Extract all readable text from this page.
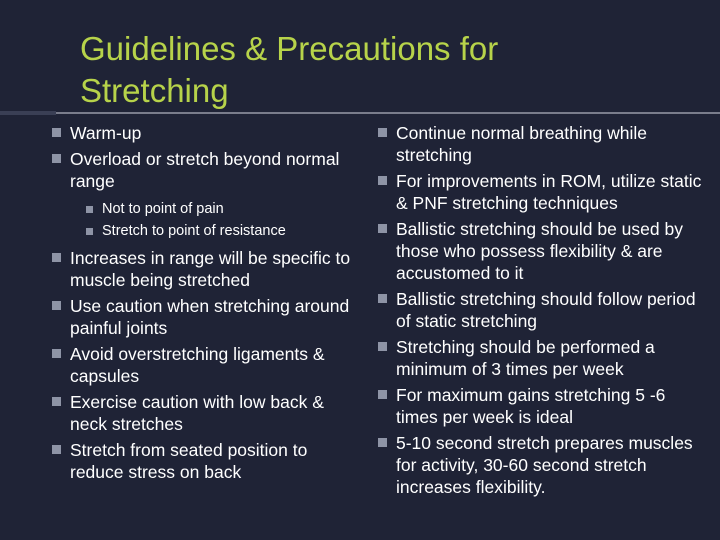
Guidelines & Precautions for
Stretching
Warm-up
Overload or stretch beyond normal range
Not to point of pain
Stretch to point of resistance
Increases in range will be specific to muscle being stretched
Use caution when stretching around painful joints
Avoid overstretching ligaments & capsules
Exercise caution with low back & neck stretches
Stretch from seated position to reduce stress on back
Continue normal breathing while stretching
For improvements in ROM, utilize static & PNF stretching techniques
Ballistic stretching should be used by those who possess flexibility & are accustomed to it
Ballistic stretching should follow period of static stretching
Stretching should be performed a minimum of 3 times per week
For maximum gains stretching 5 -6 times per week is ideal
5-10 second stretch prepares muscles for activity, 30-60 second stretch increases flexibility.
